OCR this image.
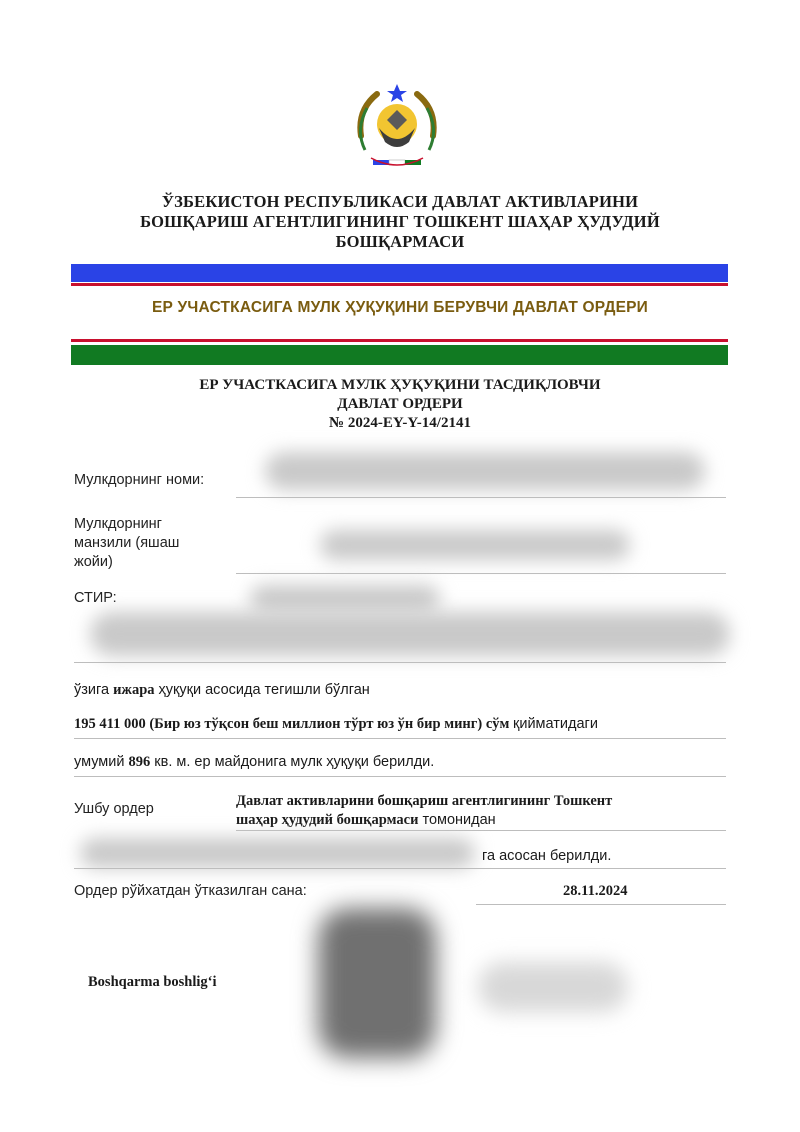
ЎЗБЕКИСТОН РЕСПУБЛИКАСИ ДАВЛАТ АКТИВЛАРИНИ
БОШҚАРИШ АГЕНТЛИГИНИНГ ТОШКЕНТ ШАҲАР ҲУДУДИЙ
БОШҚАРМАСИ
ЕР УЧАСТКАСИГА МУЛК ҲУҚУҚИНИ БЕРУВЧИ ДАВЛАТ ОРДЕРИ
ЕР УЧАСТКАСИГА МУЛК ҲУҚУҚИНИ ТАСДИҚЛОВЧИ
ДАВЛАТ ОРДЕРИ
№ 2024-EY-Y-14/2141
Мулкдорнинг номи:
Мулкдорнинг
манзили (яшаш
жойи)
СТИР:
ўзига ижара ҳуқуқи асосида тегишли бўлган
195 411 000 (Бир юз тўқсон беш миллион тўрт юз ўн бир минг) сўм қийматидаги
умумий 896 кв. м. ер майдонига мулк ҳуқуқи берилди.
Ушбу ордер	Давлат активларини бошқариш агентлигининг Тошкент
шаҳар ҳудудий бошқармаси томонидан
га асосан берилди.
Ордер рўйхатдан ўтказилган сана:	28.11.2024
Boshqarma boshlig‘i
